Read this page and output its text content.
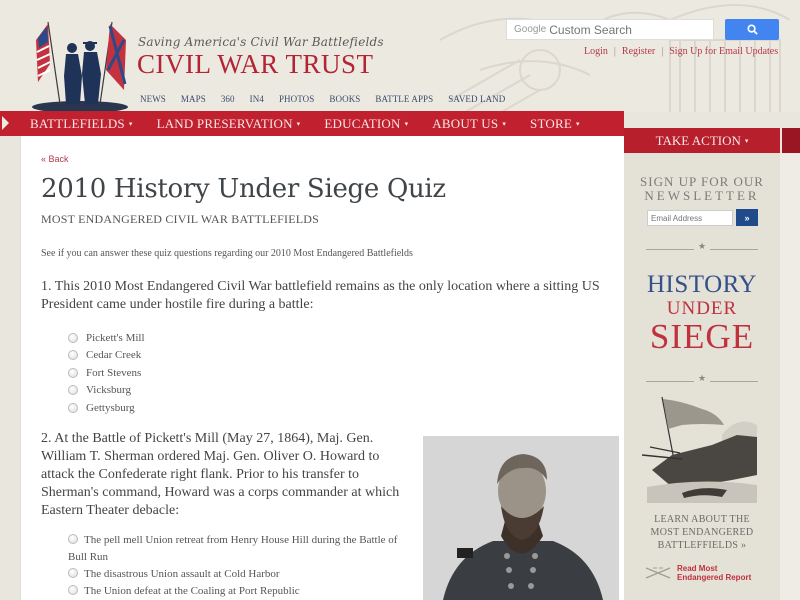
Saving America's Civil War Battlefields
CIVIL WAR TRUST
NEWS MAPS 360 IN4 PHOTOS BOOKS BATTLE APPS SAVED LAND
Google
Custom Search
Login | Register | Sign Up for Email Updates
BATTLEFIELDS ▾ LAND PRESERVATION ▾ EDUCATION ▾ ABOUT US ▾ STORE ▾
« Back
2010 History Under Siege Quiz
MOST ENDANGERED CIVIL WAR BATTLEFIELDS
See if you can answer these quiz questions regarding our 2010 Most Endangered Battlefields
1. This 2010 Most Endangered Civil War battlefield remains as the only location where a sitting US President came under hostile fire during a battle:
Pickett's Mill
Cedar Creek
Fort Stevens
Vicksburg
Gettysburg
2. At the Battle of Pickett's Mill (May 27, 1864), Maj. Gen. William T. Sherman ordered Maj. Gen. Oliver O. Howard to attack the Confederate right flank. Prior to his transfer to Sherman's command, Howard was a corps commander at which Eastern Theater debacle:
The pell mell Union retreat from Henry House Hill during the Battle of Bull Run
The disastrous Union assault at Cold Harbor
The Union defeat at the Coaling at Port Republic
TAKE ACTION ▾
SIGN UP FOR OUR
NEWSLETTER
Email Address
»
★
HISTORY
UNDER
SIEGE
★
LEARN ABOUT THE
MOST ENDANGERED
BATTLEFFIELDS »
Read Most
Endangered Report
